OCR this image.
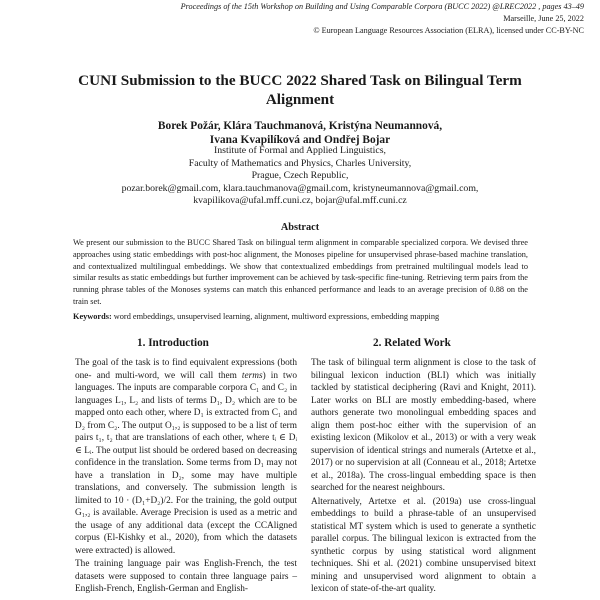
Proceedings of the 15th Workshop on Building and Using Comparable Corpora (BUCC 2022) @LREC2022 , pages 43–49
Marseille, June 25, 2022
© European Language Resources Association (ELRA), licensed under CC-BY-NC
CUNI Submission to the BUCC 2022 Shared Task on Bilingual Term Alignment
Borek Požár, Klára Tauchmanová, Kristýna Neumannová,
Ivana Kvapilíková and Ondřej Bojar
Institute of Formal and Applied Linguistics,
Faculty of Mathematics and Physics, Charles University,
Prague, Czech Republic,
pozar.borek@gmail.com, klara.tauchmanova@gmail.com, kristyneumannova@gmail.com,
kvapilikova@ufal.mff.cuni.cz, bojar@ufal.mff.cuni.cz
Abstract
We present our submission to the BUCC Shared Task on bilingual term alignment in comparable specialized corpora. We devised three approaches using static embeddings with post-hoc alignment, the Monoses pipeline for unsupervised phrase-based machine translation, and contextualized multilingual embeddings. We show that contextualized embeddings from pretrained multilingual models lead to similar results as static embeddings but further improvement can be achieved by task-specific fine-tuning. Retrieving term pairs from the running phrase tables of the Monoses systems can match this enhanced performance and leads to an average precision of 0.88 on the train set.
Keywords: word embeddings, unsupervised learning, alignment, multiword expressions, embedding mapping
1. Introduction	2. Related Work

The goal of the task is to find equivalent expressions (both one- and multi-word, we will call them terms) in two languages. The inputs are comparable corpora C₁ and C₂ in languages L₁, L₂ and lists of terms D₁, D₂ which are to be mapped onto each other, where D₁ is extracted from C₁ and D₂ from C₂. The output O₁,₂ is supposed to be a list of term pairs t₁, t₂ that are translations of each other, where tᵢ ∈ Dᵢ ∈ Lᵢ. The output list should be ordered based on decreasing confidence in the translation. Some terms from D₁ may not have a translation in D₂, some may have multiple translations, and conversely. The submission length is limited to 10 · (D₁+D₂)/2. For the training, the gold output G₁,₂ is available. Average Precision is used as a metric and the usage of any additional data (except the CCAligned corpus (El-Kishky et al., 2020), from which the datasets were extracted) is allowed.

The training language pair was English-French, the test datasets were supposed to contain three language pairs – English-French, English-German and English-

The task of bilingual term alignment is close to the task of bilingual lexicon induction (BLI) which was initially tackled by statistical deciphering (Ravi and Knight, 2011). Later works on BLI are mostly embedding-based, where authors generate two monolingual embedding spaces and align them post-hoc either with the supervision of an existing lexicon (Mikolov et al., 2013) or with a very weak supervision of identical strings and numerals (Artetxe et al., 2017) or no supervision at all (Conneau et al., 2018; Artetxe et al., 2018a). The cross-lingual embedding space is then searched for the nearest neighbours.

Alternatively, Artetxe et al. (2019a) use cross-lingual embeddings to build a phrase-table of an unsupervised statistical MT system which is used to generate a synthetic parallel corpus. The bilingual lexicon is extracted from the synthetic corpus by using statistical word alignment techniques. Shi et al. (2021) combine unsupervised bitext mining and unsupervised word alignment to obtain a lexicon of state-of-the-art quality.
